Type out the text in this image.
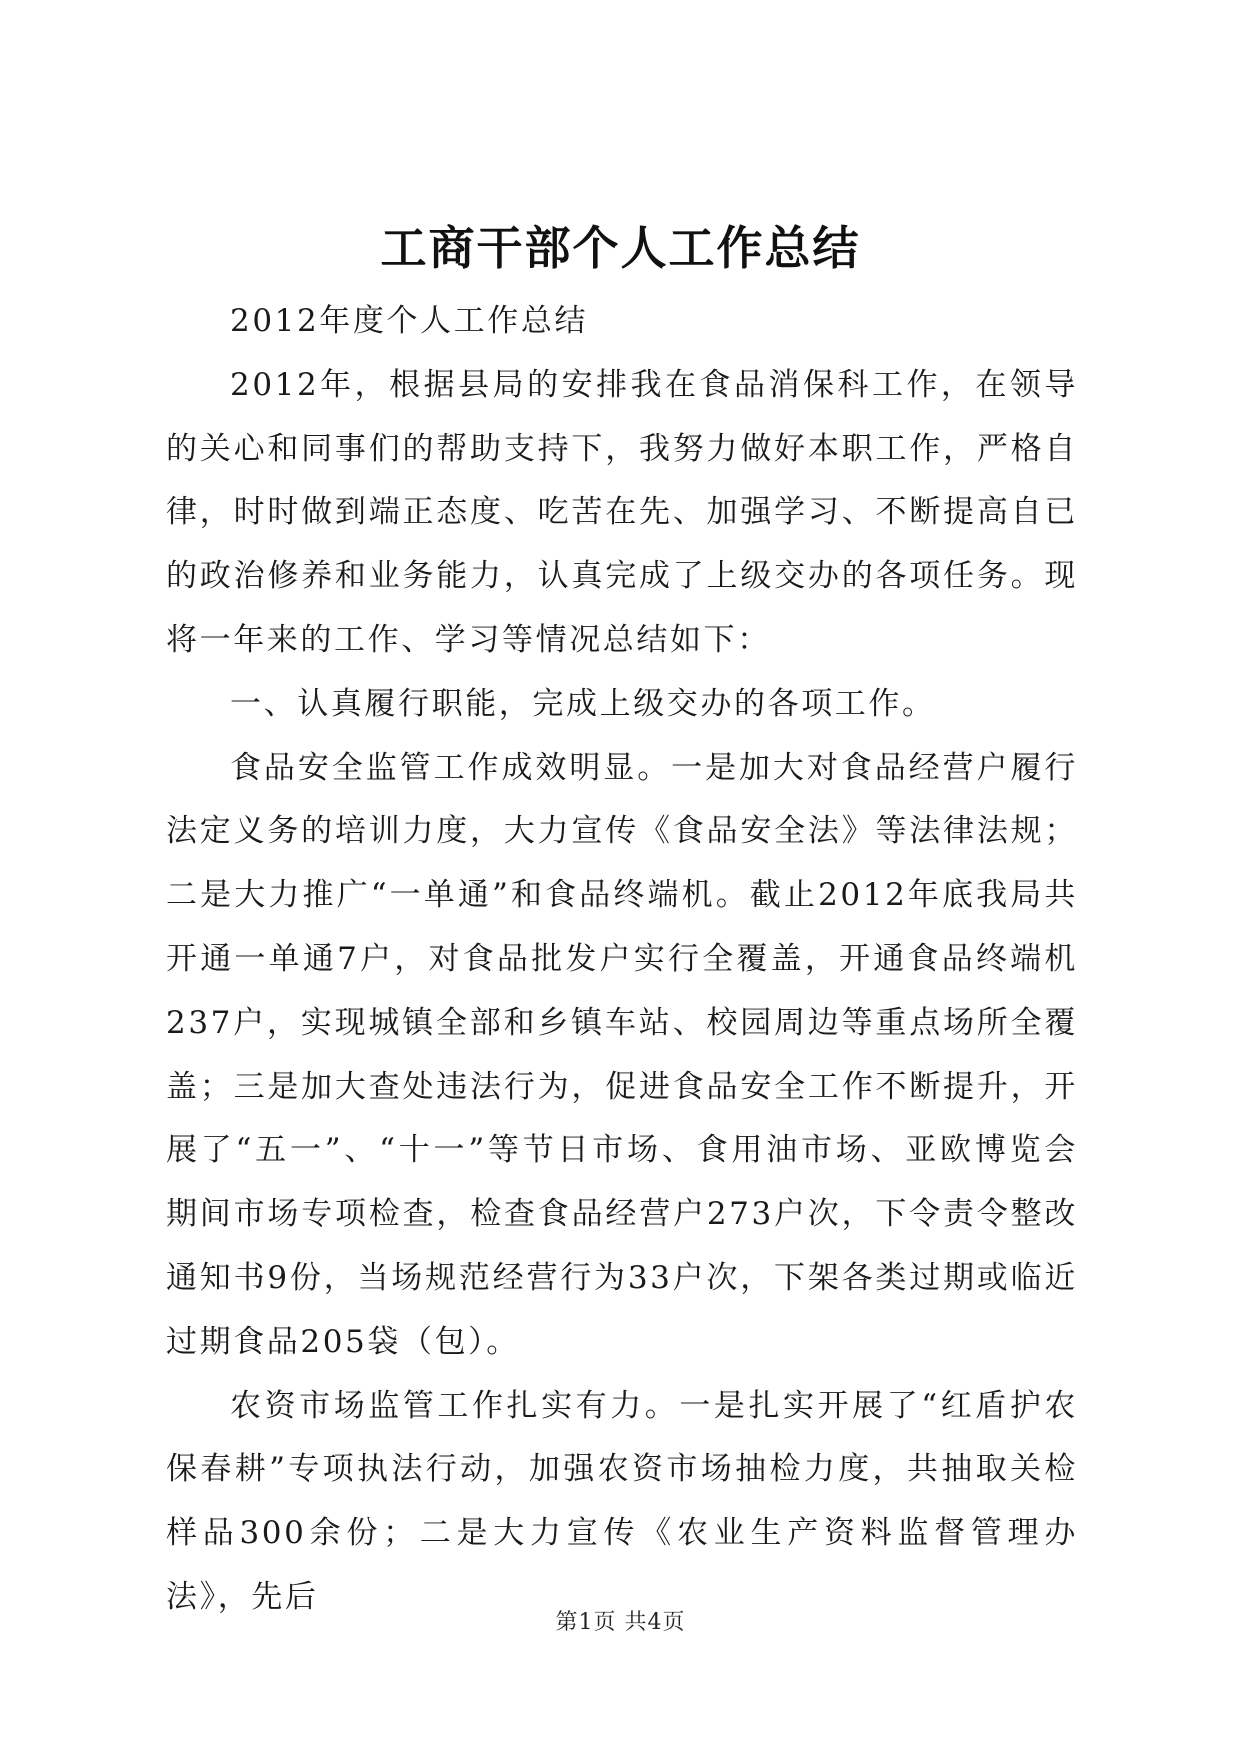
工商干部个人工作总结

2012年度个人工作总结

2012年，根据县局的安排我在食品消保科工作，在领导的关心和同事们的帮助支持下，我努力做好本职工作，严格自律，时时做到端正态度、吃苦在先、加强学习、不断提高自已的政治修养和业务能力，认真完成了上级交办的各项任务。现将一年来的工作、学习等情况总结如下：

一、认真履行职能，完成上级交办的各项工作。

食品安全监管工作成效明显。一是加大对食品经营户履行法定义务的培训力度，大力宣传《食品安全法》等法律法规；二是大力推广“一单通”和食品终端机。截止2012年底我局共开通一单通7户，对食品批发户实行全覆盖，开通食品终端机237户，实现城镇全部和乡镇车站、校园周边等重点场所全覆盖；三是加大查处违法行为，促进食品安全工作不断提升，开展了“五一”、“十一”等节日市场、食用油市场、亚欧博览会期间市场专项检查，检查食品经营户273户次，下令责令整改通知书9份，当场规范经营行为33户次，下架各类过期或临近过期食品205袋（包）。

农资市场监管工作扎实有力。一是扎实开展了“红盾护农保春耕”专项执法行动，加强农资市场抽检力度，共抽取关检样品300余份；二是大力宣传《农业生产资料监督管理办法》，先后

第1页 共4页
